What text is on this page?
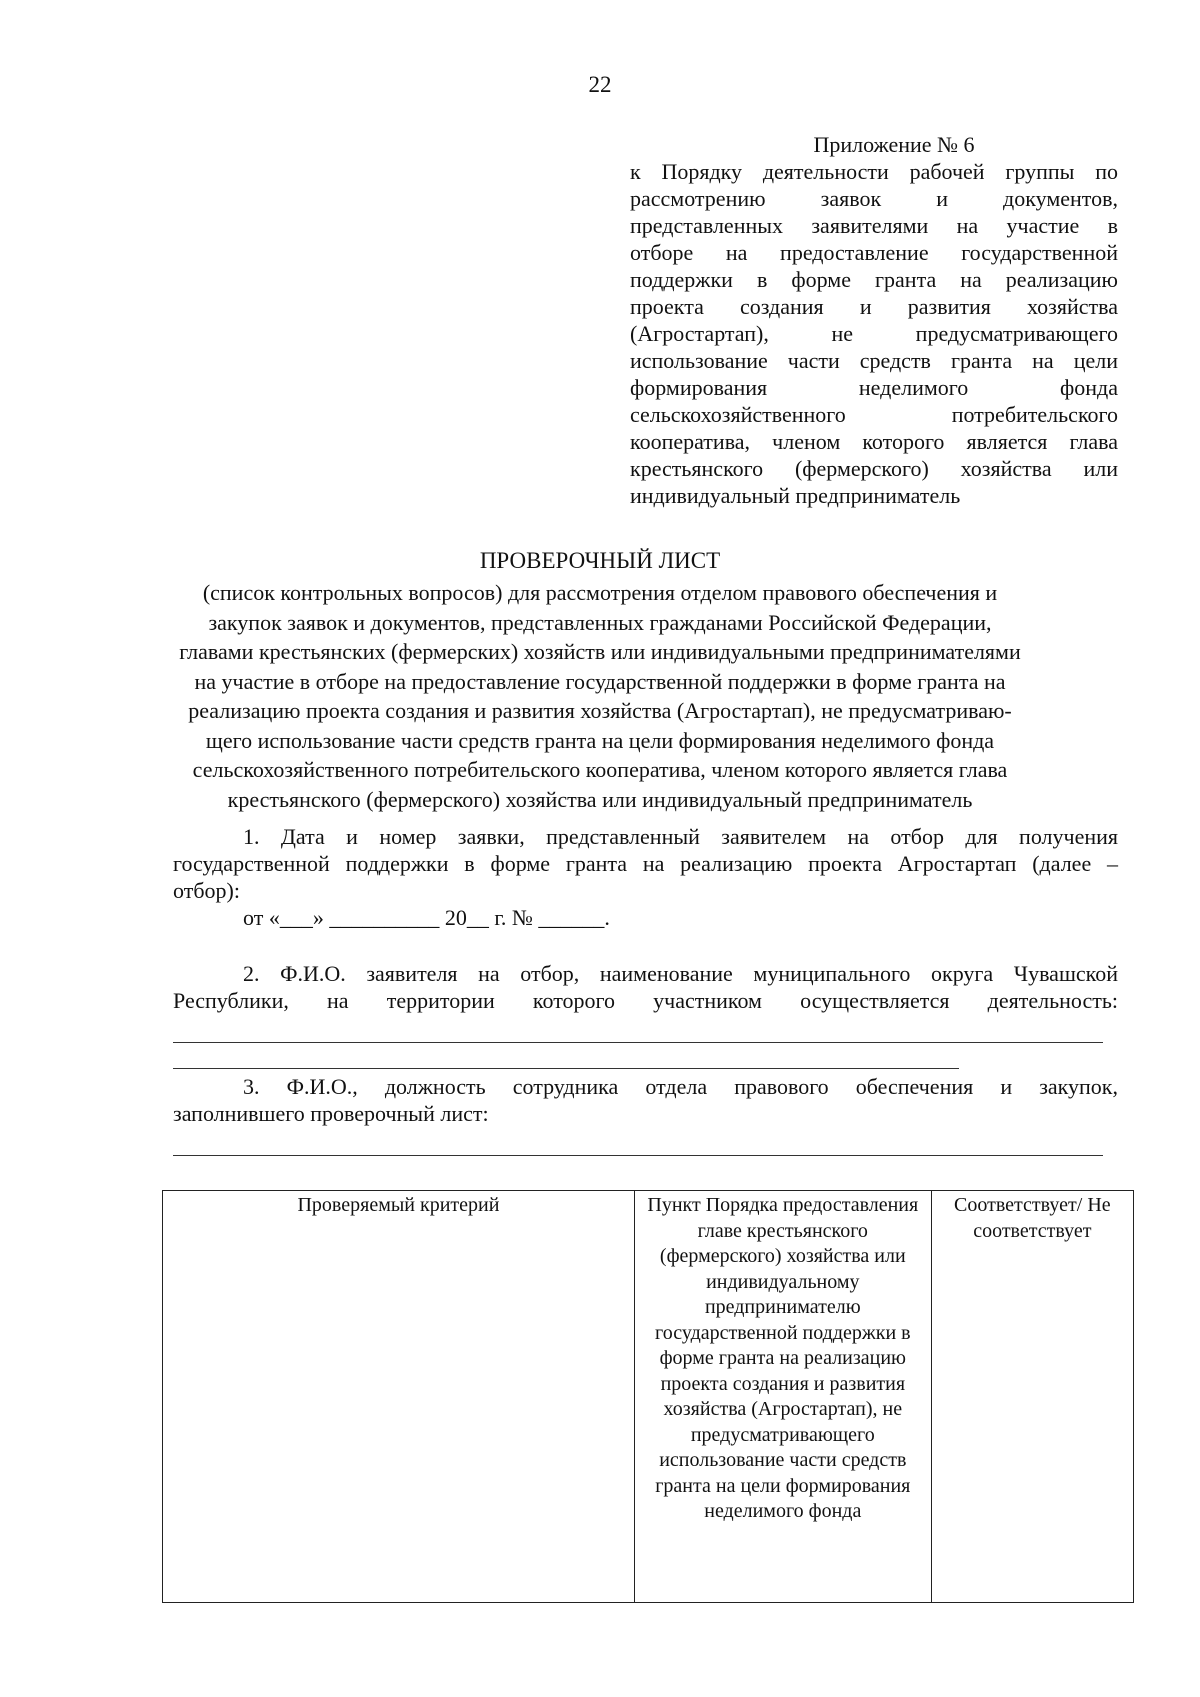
22
Приложение № 6
к Порядку деятельности рабочей группы по
рассмотрению заявок и документов,
представленных заявителями на участие в
отборе на предоставление государственной
поддержки в форме гранта на реализацию
проекта создания и развития хозяйства
(Агростартап), не предусматривающего
использование части средств гранта на цели
формирования неделимого фонда
сельскохозяйственного потребительского
кооператива, членом которого является глава
крестьянского (фермерского) хозяйства или
индивидуальный предприниматель
ПРОВЕРОЧНЫЙ ЛИСТ
(список контрольных вопросов) для рассмотрения отделом правового обеспечения и
закупок заявок и документов, представленных гражданами Российской Федерации,
главами крестьянских (фермерских) хозяйств или индивидуальными предпринимателями
на участие в отборе на предоставление государственной поддержки в форме гранта на
реализацию проекта создания и развития хозяйства (Агростартап), не предусматриваю-
щего использование части средств гранта на цели формирования неделимого фонда
сельскохозяйственного потребительского кооператива, членом которого является глава
крестьянского (фермерского) хозяйства или индивидуальный предприниматель
1. Дата и номер заявки, представленный заявителем на отбор для получения
государственной поддержки в форме гранта на реализацию проекта Агростартап (далее –
отбор):
от «___» __________ 20__ г. № ______.
2. Ф.И.О. заявителя на отбор, наименование муниципального округа Чувашской
Республики, на территории которого участником осуществляется деятельность:
3. Ф.И.О., должность сотрудника отдела правового обеспечения и закупок,
заполнившего проверочный лист:
Проверяемый критерий	Пункт Порядка предоставления главе крестьянского (фермерского) хозяйства или индивидуальному предпринимателю государственной поддержки в форме гранта на реализацию проекта создания и развития хозяйства (Агростартап), не предусматривающего использование части средств гранта на цели формирования неделимого фонда	Соответствует/ Не соответствует
